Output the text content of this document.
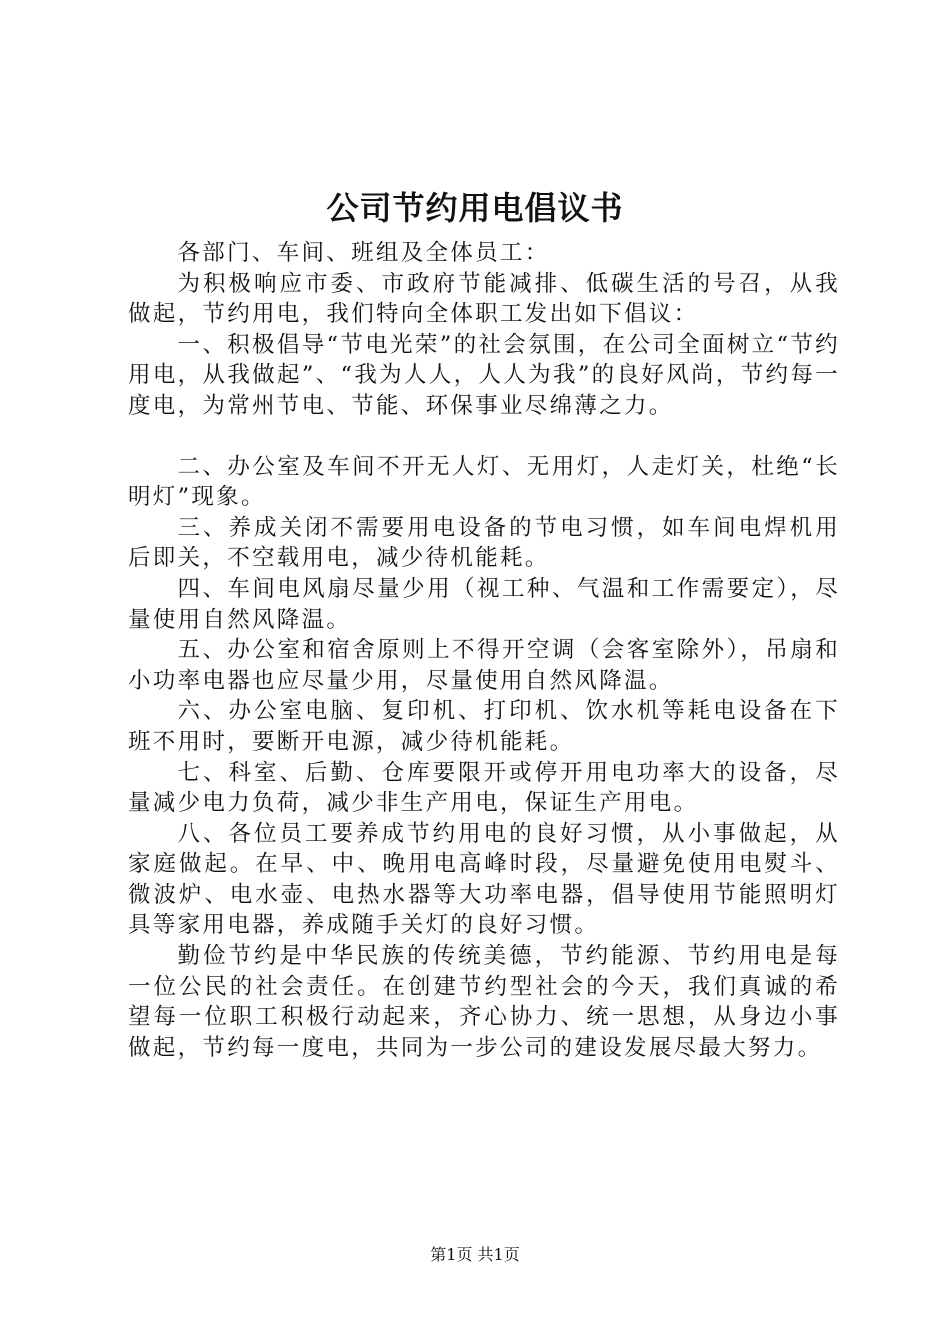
公司节约用电倡议书

各部门、车间、班组及全体员工：

为积极响应市委、市政府节能减排、低碳生活的号召，从我做起，节约用电，我们特向全体职工发出如下倡议：

一、积极倡导“节电光荣”的社会氛围，在公司全面树立“节约用电，从我做起”、“我为人人，人人为我”的良好风尚，节约每一度电，为常州节电、节能、环保事业尽绵薄之力。

二、办公室及车间不开无人灯、无用灯，人走灯关，杜绝“长明灯”现象。

三、养成关闭不需要用电设备的节电习惯，如车间电焊机用后即关，不空载用电，减少待机能耗。

四、车间电风扇尽量少用（视工种、气温和工作需要定），尽量使用自然风降温。

五、办公室和宿舍原则上不得开空调（会客室除外），吊扇和小功率电器也应尽量少用，尽量使用自然风降温。

六、办公室电脑、复印机、打印机、饮水机等耗电设备在下班不用时，要断开电源，减少待机能耗。

七、科室、后勤、仓库要限开或停开用电功率大的设备，尽量减少电力负荷，减少非生产用电，保证生产用电。

八、各位员工要养成节约用电的良好习惯，从小事做起，从家庭做起。在早、中、晚用电高峰时段，尽量避免使用电熨斗、微波炉、电水壶、电热水器等大功率电器，倡导使用节能照明灯具等家用电器，养成随手关灯的良好习惯。

勤俭节约是中华民族的传统美德，节约能源、节约用电是每一位公民的社会责任。在创建节约型社会的今天，我们真诚的希望每一位职工积极行动起来，齐心协力、统一思想，从身边小事做起，节约每一度电，共同为一步公司的建设发展尽最大努力。

第1页 共1页
